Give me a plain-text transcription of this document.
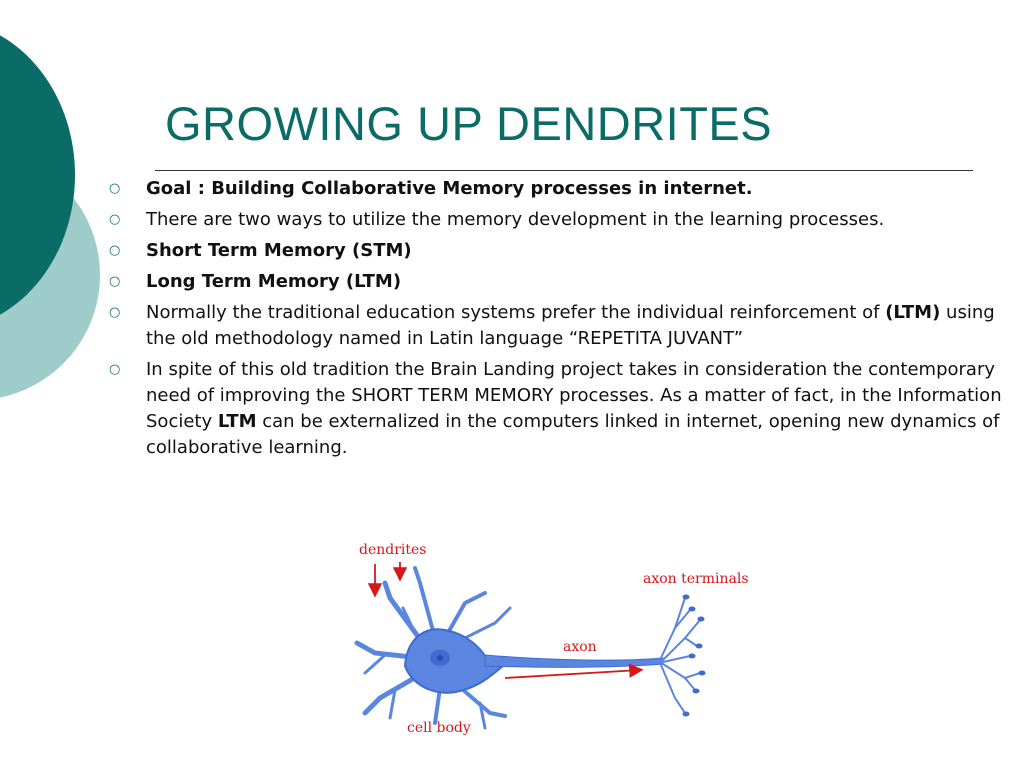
GROWING UP DENDRITES
○	Goal : Building Collaborative Memory processes in internet.
○	There are two ways to utilize the memory development in the learning processes.
○	Short Term Memory (STM)
○	Long Term Memory (LTM)
○	Normally the traditional education systems prefer the individual reinforcement of (LTM) using the old methodology named in Latin language “REPETITA JUVANT”
○	In spite of this old tradition the Brain Landing project takes in consideration the contemporary need of improving the SHORT TERM MEMORY processes. As a matter of fact, in the Information Society LTM can be externalized in the computers linked in internet, opening new dynamics of collaborative learning.
dendrites
axon terminals
axon
cell body
